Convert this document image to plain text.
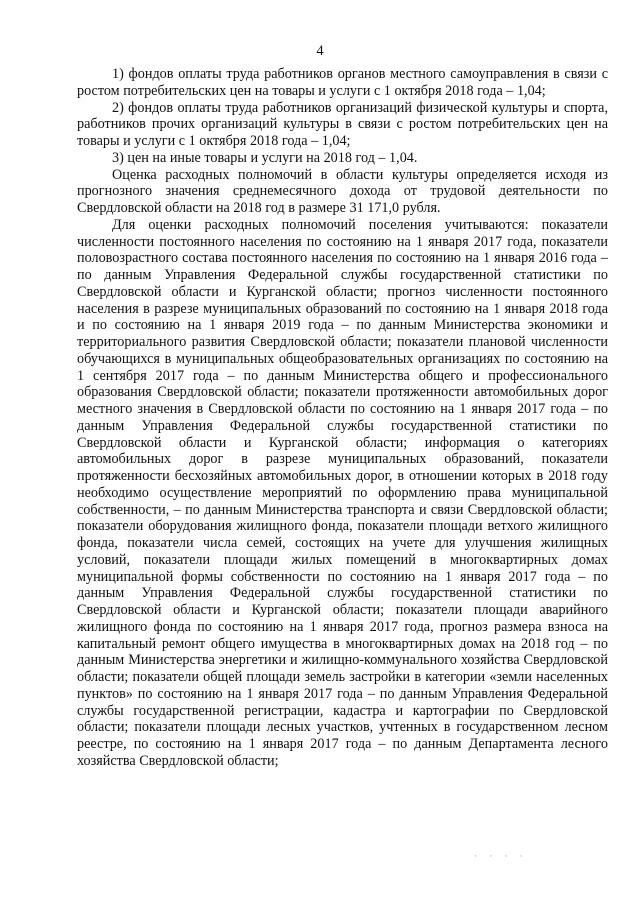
4

1) фондов оплаты труда работников органов местного самоуправления в связи с ростом потребительских цен на товары и услуги с 1 октября 2018 года – 1,04;

2) фондов оплаты труда работников организаций физической культуры и спорта, работников прочих организаций культуры в связи с ростом потребительских цен на товары и услуги с 1 октября 2018 года – 1,04;

3) цен на иные товары и услуги на 2018 год – 1,04.

Оценка расходных полномочий в области культуры определяется исходя из прогнозного значения среднемесячного дохода от трудовой деятельности по Свердловской области на 2018 год в размере 31 171,0 рубля.

Для оценки расходных полномочий поселения учитываются: показатели численности постоянного населения по состоянию на 1 января 2017 года, показатели половозрастного состава постоянного населения по состоянию на 1 января 2016 года – по данным Управления Федеральной службы государственной статистики по Свердловской области и Курганской области; прогноз численности постоянного населения в разрезе муниципальных образований по состоянию на 1 января 2018 года и по состоянию на 1 января 2019 года – по данным Министерства экономики и территориального развития Свердловской области; показатели плановой численности обучающихся в муниципальных общеобразовательных организациях по состоянию на 1 сентября 2017 года – по данным Министерства общего и профессионального образования Свердловской области; показатели протяженности автомобильных дорог местного значения в Свердловской области по состоянию на 1 января 2017 года – по данным Управления Федеральной службы государственной статистики по Свердловской области и Курганской области; информация о категориях автомобильных дорог в разрезе муниципальных образований, показатели протяженности бесхозяйных автомобильных дорог, в отношении которых в 2018 году необходимо осуществление мероприятий по оформлению права муниципальной собственности, – по данным Министерства транспорта и связи Свердловской области; показатели оборудования жилищного фонда, показатели площади ветхого жилищного фонда, показатели числа семей, состоящих на учете для улучшения жилищных условий, показатели площади жилых помещений в многоквартирных домах муниципальной формы собственности по состоянию на 1 января 2017 года – по данным Управления Федеральной службы государственной статистики по Свердловской области и Курганской области; показатели площади аварийного жилищного фонда по состоянию на 1 января 2017 года, прогноз размера взноса на капитальный ремонт общего имущества в многоквартирных домах на 2018 год – по данным Министерства энергетики и жилищно-коммунального хозяйства Свердловской области; показатели общей площади земель застройки в категории «земли населенных пунктов» по состоянию на 1 января 2017 года – по данным Управления Федеральной службы государственной регистрации, кадастра и картографии по Свердловской области; показатели площади лесных участков, учтенных в государственном лесном реестре, по состоянию на 1 января 2017 года – по данным Департамента лесного хозяйства Свердловской области;

· · · ·
